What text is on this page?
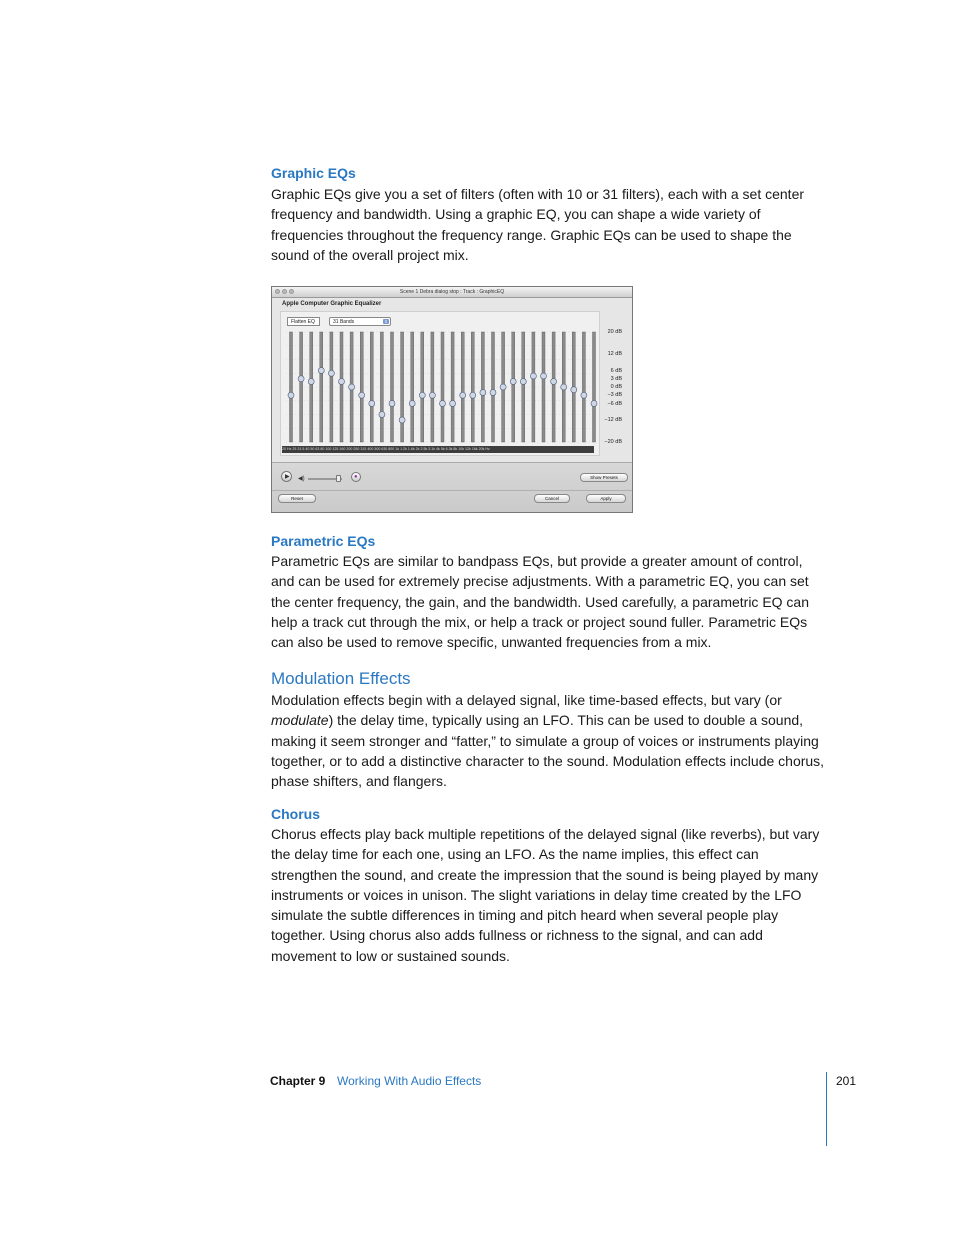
Graphic EQs

Graphic EQs give you a set of filters (often with 10 or 31 filters), each with a set center frequency and bandwidth. Using a graphic EQ, you can shape a wide variety of frequencies throughout the frequency range. Graphic EQs can be used to shape the sound of the overall project mix.

Scene 1 Debra dialog stop : Track : GraphicEQ
Apple Computer Graphic Equalizer
Flatten EQ	31 Bands	⇕
20 dB
12 dB
6 dB
3 dB
0 dB
−3 dB
−6 dB
−12 dB
−20 dB
20 Hz 25 31.5 40 50 63 80 100 125 160 200 250 315 400 500 630 800 1k 1.2k 1.6k 2k 2.5k 3.1k 4k 5k 6.3k 8k 10k 12k 16k 20k Hz
▶ ◀)	●	Show Presets
Reset	Cancel	Apply
Parametric EQs

Parametric EQs are similar to bandpass EQs, but provide a greater amount of control, and can be used for extremely precise adjustments. With a parametric EQ, you can set the center frequency, the gain, and the bandwidth. Used carefully, a parametric EQ can help a track cut through the mix, or help a track or project sound fuller. Parametric EQs can also be used to remove specific, unwanted frequencies from a mix.

Modulation Effects

Modulation effects begin with a delayed signal, like time-based effects, but vary (or modulate) the delay time, typically using an LFO. This can be used to double a sound, making it seem stronger and “fatter,” to simulate a group of voices or instruments playing together, or to add a distinctive character to the sound. Modulation effects include chorus, phase shifters, and flangers.

Chorus

Chorus effects play back multiple repetitions of the delayed signal (like reverbs), but vary the delay time for each one, using an LFO. As the name implies, this effect can strengthen the sound, and create the impression that the sound is being played by many instruments or voices in unison. The slight variations in delay time created by the LFO simulate the subtle differences in timing and pitch heard when several people play together. Using chorus also adds fullness or richness to the signal, and can add movement to low or sustained sounds.

Chapter 9 Working With Audio Effects	201
